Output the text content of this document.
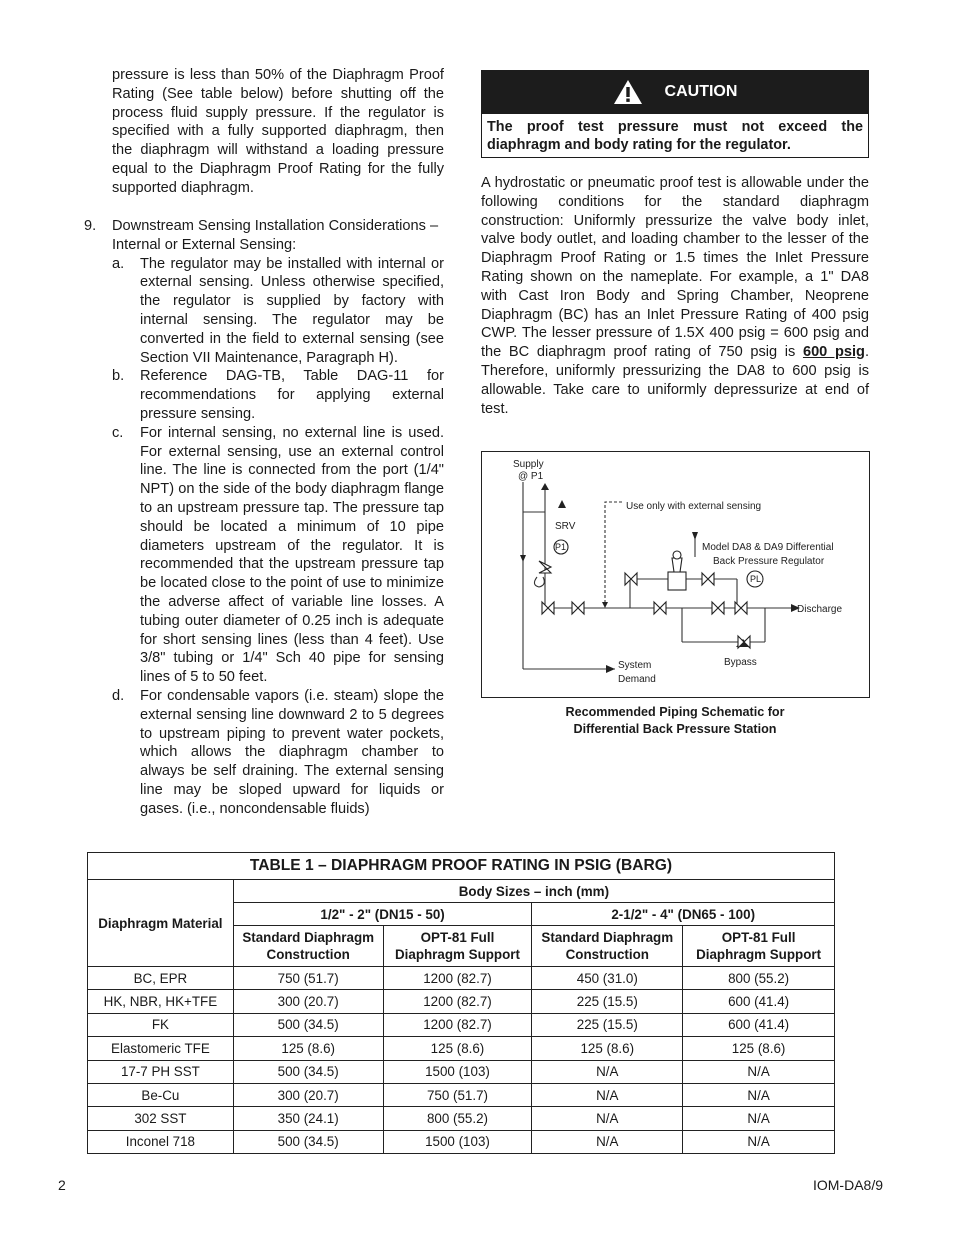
pressure is less than 50% of the Diaphragm Proof Rating (See table below) before shutting off the process fluid supply pressure. If the regulator is specified with a fully supported diaphragm, then the diaphragm will withstand a loading pressure equal to the Diaphragm Proof Rating for the fully supported diaphragm.

9. Downstream Sensing Installation Considerations – Internal or External Sensing:
a. The regulator may be installed with internal or external sensing. Unless otherwise specified, the regulator is supplied by factory with internal sensing. The regulator may be converted in the field to external sensing (see Section VII Maintenance, Paragraph H).
b. Reference DAG-TB, Table DAG-11 for recommendations for applying external pressure sensing.
c. For internal sensing, no external line is used. For external sensing, use an external control line. The line is connected from the port (1/4" NPT) on the side of the body diaphragm flange to an upstream pressure tap. The pressure tap should be located a minimum of 10 pipe diameters upstream of the regulator. It is recommended that the upstream pressure tap be located close to the point of use to minimize the adverse affect of variable line losses. A tubing outer diameter of 0.25 inch is adequate for short sensing lines (less than 4 feet). Use 3/8" tubing or 1/4" Sch 40 pipe for sensing lines of 5 to 50 feet.
d. For condensable vapors (i.e. steam) slope the external sensing line downward 2 to 5 degrees to upstream piping to prevent water pockets, which allows the diaphragm chamber to always be self draining. The external sensing line may be sloped upward for liquids or gases. (i.e., noncondensable fluids)
CAUTION
The proof test pressure must not exceed the diaphragm and body rating for the regulator.

A hydrostatic or pneumatic proof test is allowable under the following conditions for the standard diaphragm construction: Uniformly pressurize the valve body inlet, valve body outlet, and loading chamber to the lesser of the Diaphragm Proof Rating or 1.5 times the Inlet Pressure Rating shown on the nameplate. For example, a 1" DA8 with Cast Iron Body and Spring Chamber, Neoprene Diaphragm (BC) has an Inlet Pressure Rating of 400 psig CWP. The lesser pressure of 1.5X 400 psig = 600 psig and the BC diaphragm proof rating of 750 psig is 600 psig. Therefore, uniformly pressurizing the DA8 to 600 psig is allowable. Take care to uniformly depressurize at end of test.

Supply
@ P1
Use only with external sensing
SRV
P1
PL
Model DA8 & DA9 Differential
Back Pressure Regulator
Discharge
Bypass
System
Demand
Recommended Piping Schematic for
Differential Back Pressure Station
TABLE 1 – DIAPHRAGM PROOF RATING IN PSIG (BARG)				
Diaphragm Material	Body Sizes – inch (mm)			
	1/2" - 2" (DN15 - 50)		2-1/2" - 4" (DN65 - 100)	
	Standard Diaphragm
Construction	OPT-81 Full
Diaphragm Support	Standard Diaphragm
Construction	OPT-81 Full
Diaphragm Support
BC, EPR	750 (51.7)	1200 (82.7)	450 (31.0)	800 (55.2)
HK, NBR, HK+TFE	300 (20.7)	1200 (82.7)	225 (15.5)	600 (41.4)
FK	500 (34.5)	1200 (82.7)	225 (15.5)	600 (41.4)
Elastomeric TFE	125 (8.6)	125 (8.6)	125 (8.6)	125 (8.6)
17-7 PH SST	500 (34.5)	1500 (103)	N/A	N/A
Be-Cu	300 (20.7)	750 (51.7)	N/A	N/A
302 SST	350 (24.1)	800 (55.2)	N/A	N/A
Inconel 718	500 (34.5)	1500 (103)	N/A	N/A
2	IOM-DA8/9
